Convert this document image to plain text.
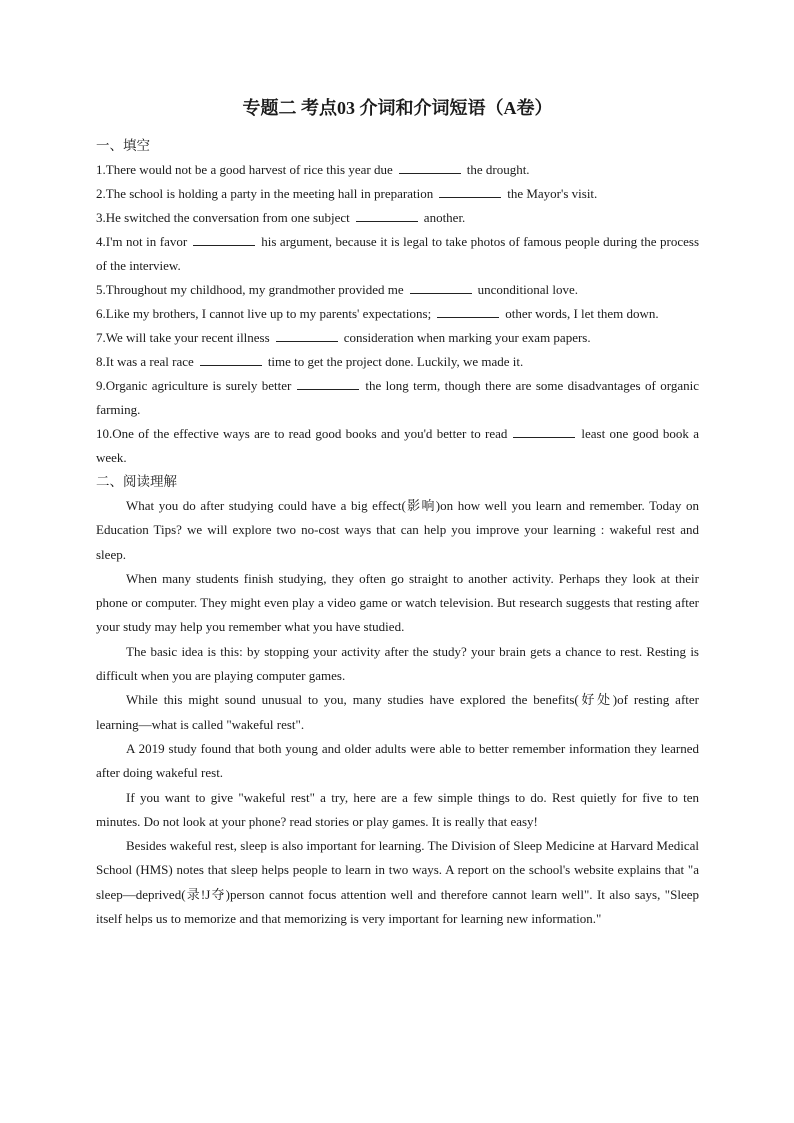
专题二 考点03 介词和介词短语（A卷）
一、填空

1.There would not be a good harvest of rice this year due	the drought.

2.The school is holding a party in the meeting hall in preparation	the Mayor's visit.

3.He switched the conversation from one subject	another.

4.I'm not in favor	his argument, because it is legal to take photos of famous people during the process of the interview.

5.Throughout my childhood, my grandmother provided me	unconditional love.

6.Like my brothers, I cannot live up to my parents' expectations;	other words, I let them down.

7.We will take your recent illness	consideration when marking your exam papers.

8.It was a real race	time to get the project done. Luckily, we made it.

9.Organic agriculture is surely better	the long term, though there are some disadvantages of organic farming.

10.One of the effective ways are to read good books and you'd better to read	least one good book a week.

二、阅读理解

What you do after studying could have a big effect(影响)on how well you learn and remember. Today on Education Tips? we will explore two no-cost ways that can help you improve your learning : wakeful rest and sleep.

When many students finish studying, they often go straight to another activity. Perhaps they look at their phone or computer. They might even play a video game or watch television. But research suggests that resting after your study may help you remember what you have studied.

The basic idea is this: by stopping your activity after the study? your brain gets a chance to rest. Resting is difficult when you are playing computer games.

While this might sound unusual to you, many studies have explored the benefits(好处)of resting after learning—what is called "wakeful rest".

A 2019 study found that both young and older adults were able to better remember information they learned after doing wakeful rest.

If you want to give "wakeful rest" a try, here are a few simple things to do. Rest quietly for five to ten minutes. Do not look at your phone? read stories or play games. It is really that easy!

Besides wakeful rest, sleep is also important for learning. The Division of Sleep Medicine at Harvard Medical School (HMS) notes that sleep helps people to learn in two ways. A report on the school's website explains that "a sleep—deprived(录!J夺)person cannot focus attention well and therefore cannot learn well". It also says, "Sleep itself helps us to memorize and that memorizing is very important for learning new information."
